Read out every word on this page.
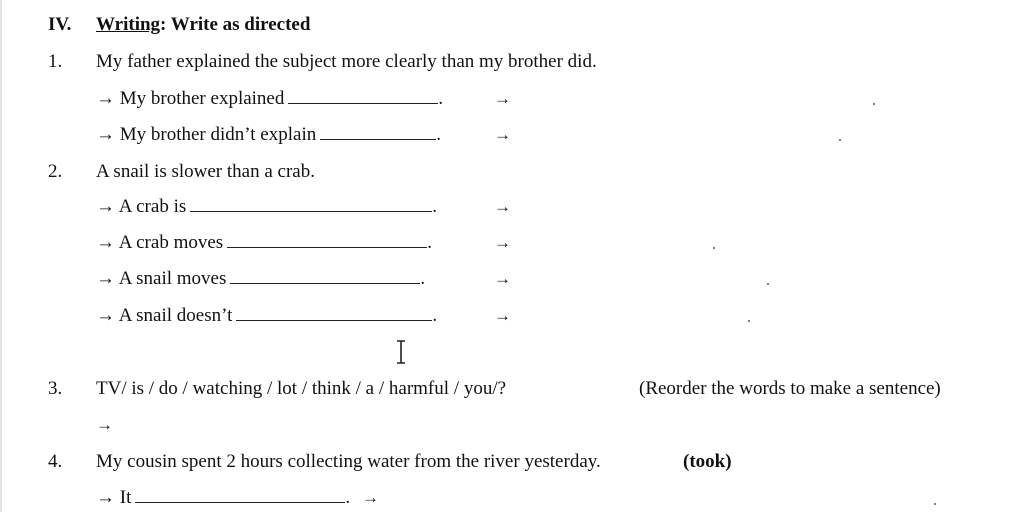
IV. Writing: Write as directed
1. My father explained the subject more clearly than my brother did.
→ My brother explained	.	→
→ My brother didn’t explain	.	→
2. A snail is slower than a crab.
→ A crab is	.	→
→ A crab moves	.	→
→ A snail moves	.	→
→ A snail doesn’t	.	→
3. TV/ is / do / watching / lot / think / a / harmful / you/?	(Reorder the words to make a sentence)
→
4. My cousin spent 2 hours collecting water from the river yesterday.	(took)
→ It	. →
